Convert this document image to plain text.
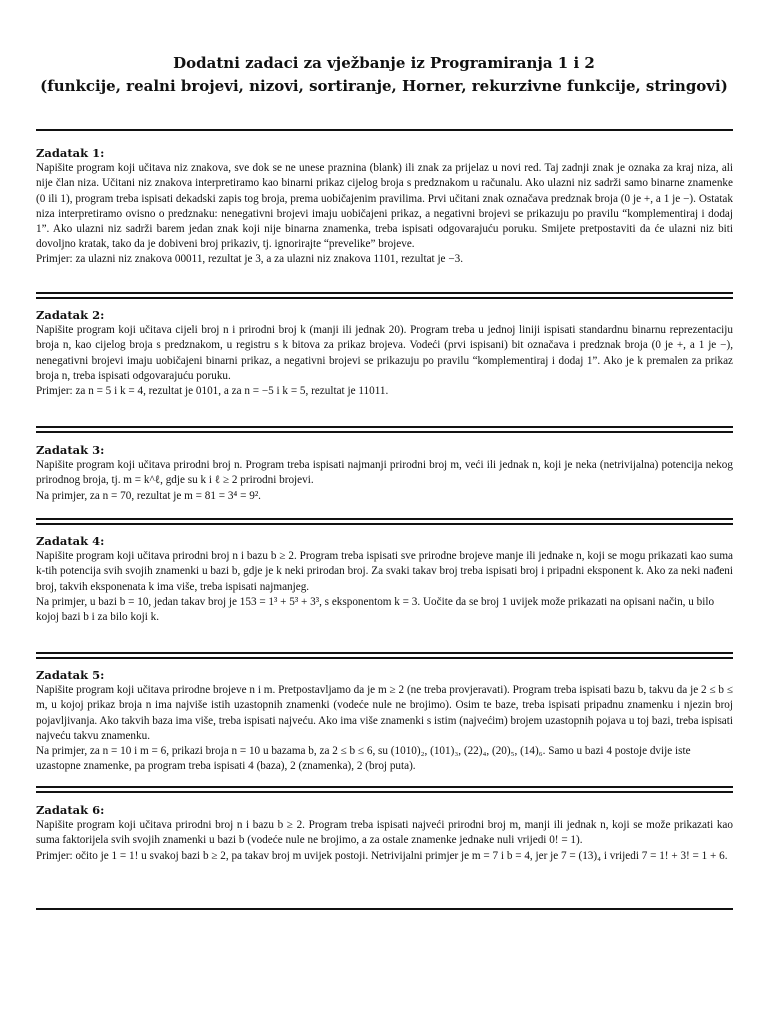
Dodatni zadaci za vježbanje iz Programiranja 1 i 2
(funkcije, realni brojevi, nizovi, sortiranje, Horner, rekurzivne funkcije, stringovi)
Zadatak 1:
Napišite program koji učitava niz znakova, sve dok se ne unese praznina (blank) ili znak za prijelaz u novi red. Taj zadnji znak je oznaka za kraj niza, ali nije član niza. Učitani niz znakova interpretiramo kao binarni prikaz cijelog broja s predznakom u računalu. Ako ulazni niz sadrži samo binarne znamenke (0 ili 1), program treba ispisati dekadski zapis tog broja, prema uobičajenim pravilima. Prvi učitani znak označava predznak broja (0 je +, a 1 je −). Ostatak niza interpretiramo ovisno o predznaku: nenegativni brojevi imaju uobičajeni prikaz, a negativni brojevi se prikazuju po pravilu “komplementiraj i dodaj 1”. Ako ulazni niz sadrži barem jedan znak koji nije binarna znamenka, treba ispisati odgovarajuću poruku. Smijete pretpostaviti da će ulazni niz biti dovoljno kratak, tako da je dobiveni broj prikaziv, tj. ignorirajte “prevelike” brojeve.
Primjer: za ulazni niz znakova 00011, rezultat je 3, a za ulazni niz znakova 1101, rezultat je −3.
Zadatak 2:
Napišite program koji učitava cijeli broj n i prirodni broj k (manji ili jednak 20). Program treba u jednoj liniji ispisati standardnu binarnu reprezentaciju broja n, kao cijelog broja s predznakom, u registru s k bitova za prikaz brojeva. Vodeći (prvi ispisani) bit označava i predznak broja (0 je +, a 1 je −), nenegativni brojevi imaju uobičajeni binarni prikaz, a negativni brojevi se prikazuju po pravilu “komplementiraj i dodaj 1”. Ako je k premalen za prikaz broja n, treba ispisati odgovarajuću poruku.
Primjer: za n = 5 i k = 4, rezultat je 0101, a za n = −5 i k = 5, rezultat je 11011.
Zadatak 3:
Napišite program koji učitava prirodni broj n. Program treba ispisati najmanji prirodni broj m, veći ili jednak n, koji je neka (netrivijalna) potencija nekog prirodnog broja, tj. m = k^ℓ, gdje su k i ℓ ≥ 2 prirodni brojevi.
Na primjer, za n = 70, rezultat je m = 81 = 3⁴ = 9².
Zadatak 4:
Napišite program koji učitava prirodni broj n i bazu b ≥ 2. Program treba ispisati sve prirodne brojeve manje ili jednake n, koji se mogu prikazati kao suma k-tih potencija svih svojih znamenki u bazi b, gdje je k neki prirodan broj. Za svaki takav broj treba ispisati broj i pripadni eksponent k. Ako za neki nađeni broj, takvih eksponenata k ima više, treba ispisati najmanjeg.
Na primjer, u bazi b = 10, jedan takav broj je 153 = 1³ + 5³ + 3³, s eksponentom k = 3. Uočite da se broj 1 uvijek može prikazati na opisani način, u bilo kojoj bazi b i za bilo koji k.
Zadatak 5:
Napišite program koji učitava prirodne brojeve n i m. Pretpostavljamo da je m ≥ 2 (ne treba provjeravati). Program treba ispisati bazu b, takvu da je 2 ≤ b ≤ m, u kojoj prikaz broja n ima najviše istih uzastopnih znamenki (vodeće nule ne brojimo). Osim te baze, treba ispisati pripadnu znamenku i njezin broj pojavljivanja. Ako takvih baza ima više, treba ispisati najveću. Ako ima više znamenki s istim (najvećim) brojem uzastopnih pojava u toj bazi, treba ispisati najveću takvu znamenku.
Na primjer, za n = 10 i m = 6, prikazi broja n = 10 u bazama b, za 2 ≤ b ≤ 6, su (1010)₂, (101)₃, (22)₄, (20)₅, (14)₆. Samo u bazi 4 postoje dvije iste uzastopne znamenke, pa program treba ispisati 4 (baza), 2 (znamenka), 2 (broj puta).
Zadatak 6:
Napišite program koji učitava prirodni broj n i bazu b ≥ 2. Program treba ispisati najveći prirodni broj m, manji ili jednak n, koji se može prikazati kao suma faktorijela svih svojih znamenki u bazi b (vodeće nule ne brojimo, a za ostale znamenke jednake nuli vrijedi 0! = 1).
Primjer: očito je 1 = 1! u svakoj bazi b ≥ 2, pa takav broj m uvijek postoji. Netrivijalni primjer je m = 7 i b = 4, jer je 7 = (13)₄ i vrijedi 7 = 1! + 3! = 1 + 6.
